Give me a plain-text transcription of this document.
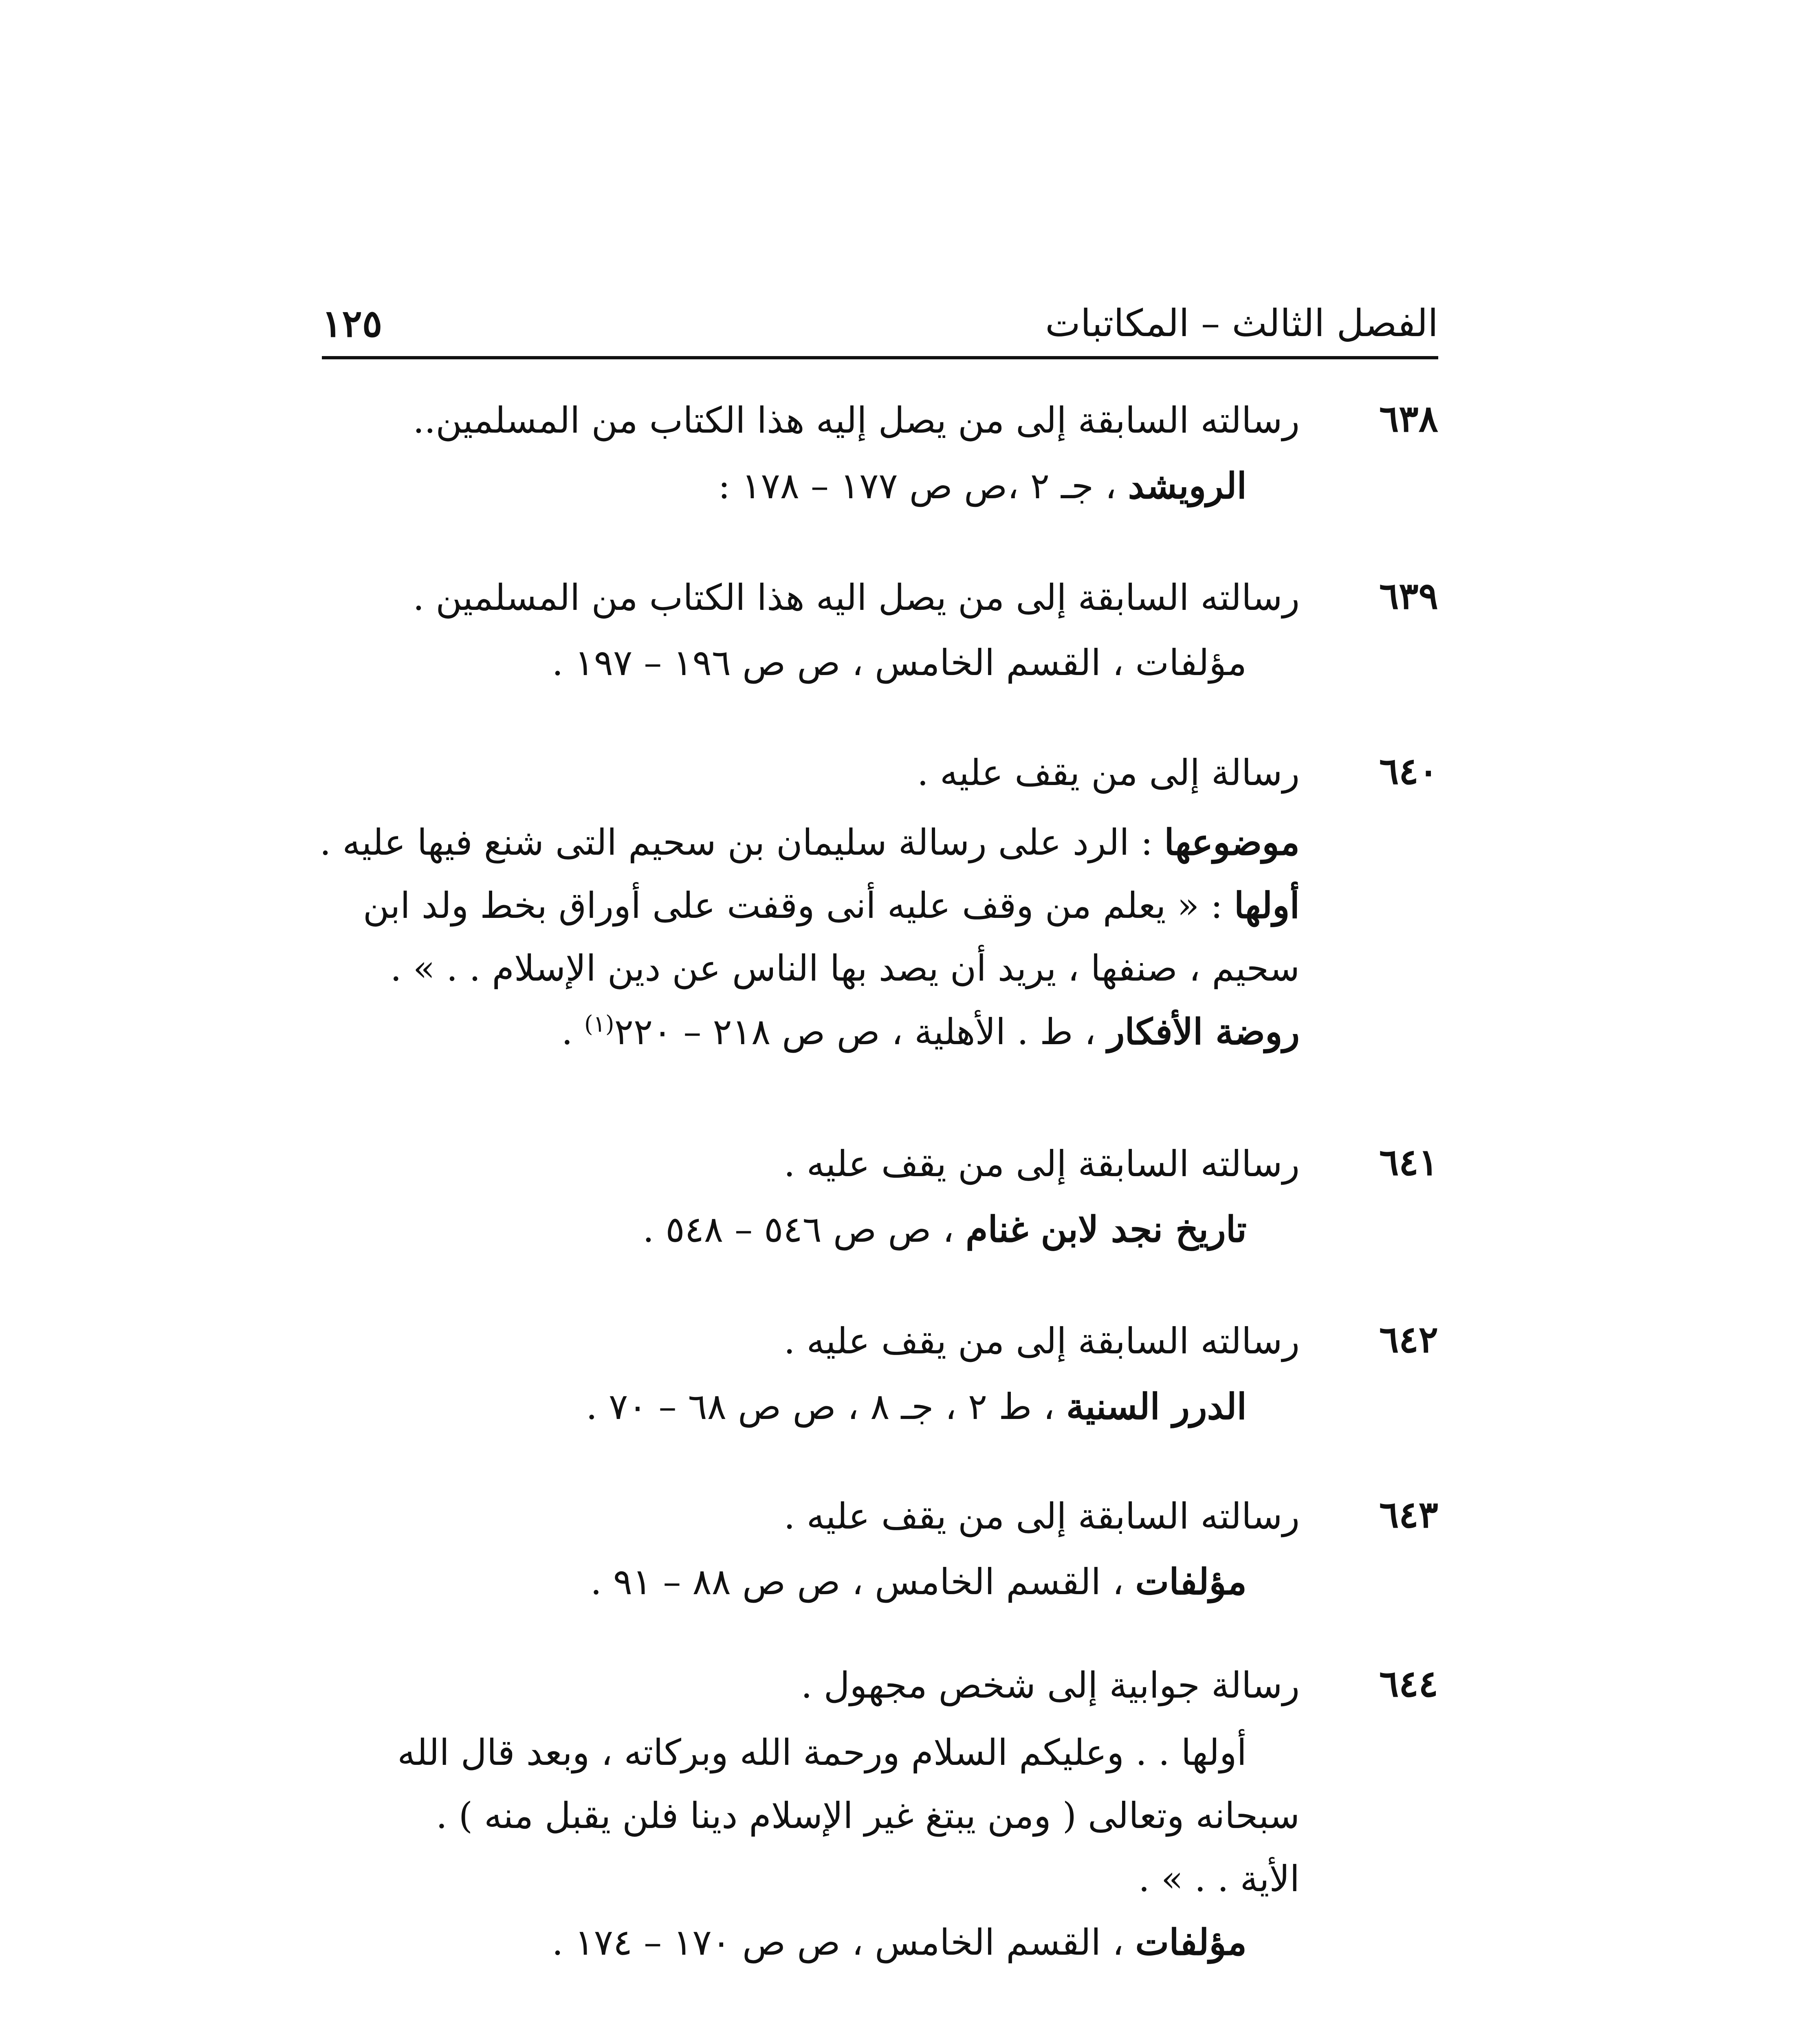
الفصل الثالث – المكاتبات
١٢٥
٦٣٨
رسالته السابقة إلى من يصل إليه هذا الكتاب من المسلمين..
الرويشد ، جـ ٢ ،ص ص ١٧٧ – ١٧٨ :
٦٣٩
رسالته السابقة إلى من يصل اليه هذا الكتاب من المسلمين .
مؤلفات ، القسم الخامس ، ص ص ١٩٦ – ١٩٧ .
٦٤٠
رسالة إلى من يقف عليه .
موضوعها : الرد على رسالة سليمان بن سحيم التى شنع فيها عليه .
أولها : « يعلم من وقف عليه أنى وقفت على أوراق بخط ولد ابن
سحيم ، صنفها ، يريد أن يصد بها الناس عن دين الإسلام . . » .
روضة الأفكار ، ط . الأهلية ، ص ص ٢١٨ – ٢٢٠$^{(١)}$ .
٦٤١
رسالته السابقة إلى من يقف عليه .
تاريخ نجد لابن غنام ، ص ص ٥٤٦ – ٥٤٨ .
٦٤٢
رسالته السابقة إلى من يقف عليه .
الدرر السنية ، ط ٢ ، جـ ٨ ، ص ص ٦٨ – ٧٠ .
٦٤٣
رسالته السابقة إلى من يقف عليه .
مؤلفات ، القسم الخامس ، ص ص ٨٨ – ٩١ .
٦٤٤
رسالة جوابية إلى شخص مجهول .
أولها . . وعليكم السلام ورحمة الله وبركاته ، وبعد قال الله
سبحانه وتعالى ( ومن يبتغ غير الإسلام دينا فلن يقبل منه ) .
الأية . . » .
مؤلفات ، القسم الخامس ، ص ص ١٧٠ – ١٧٤ .
